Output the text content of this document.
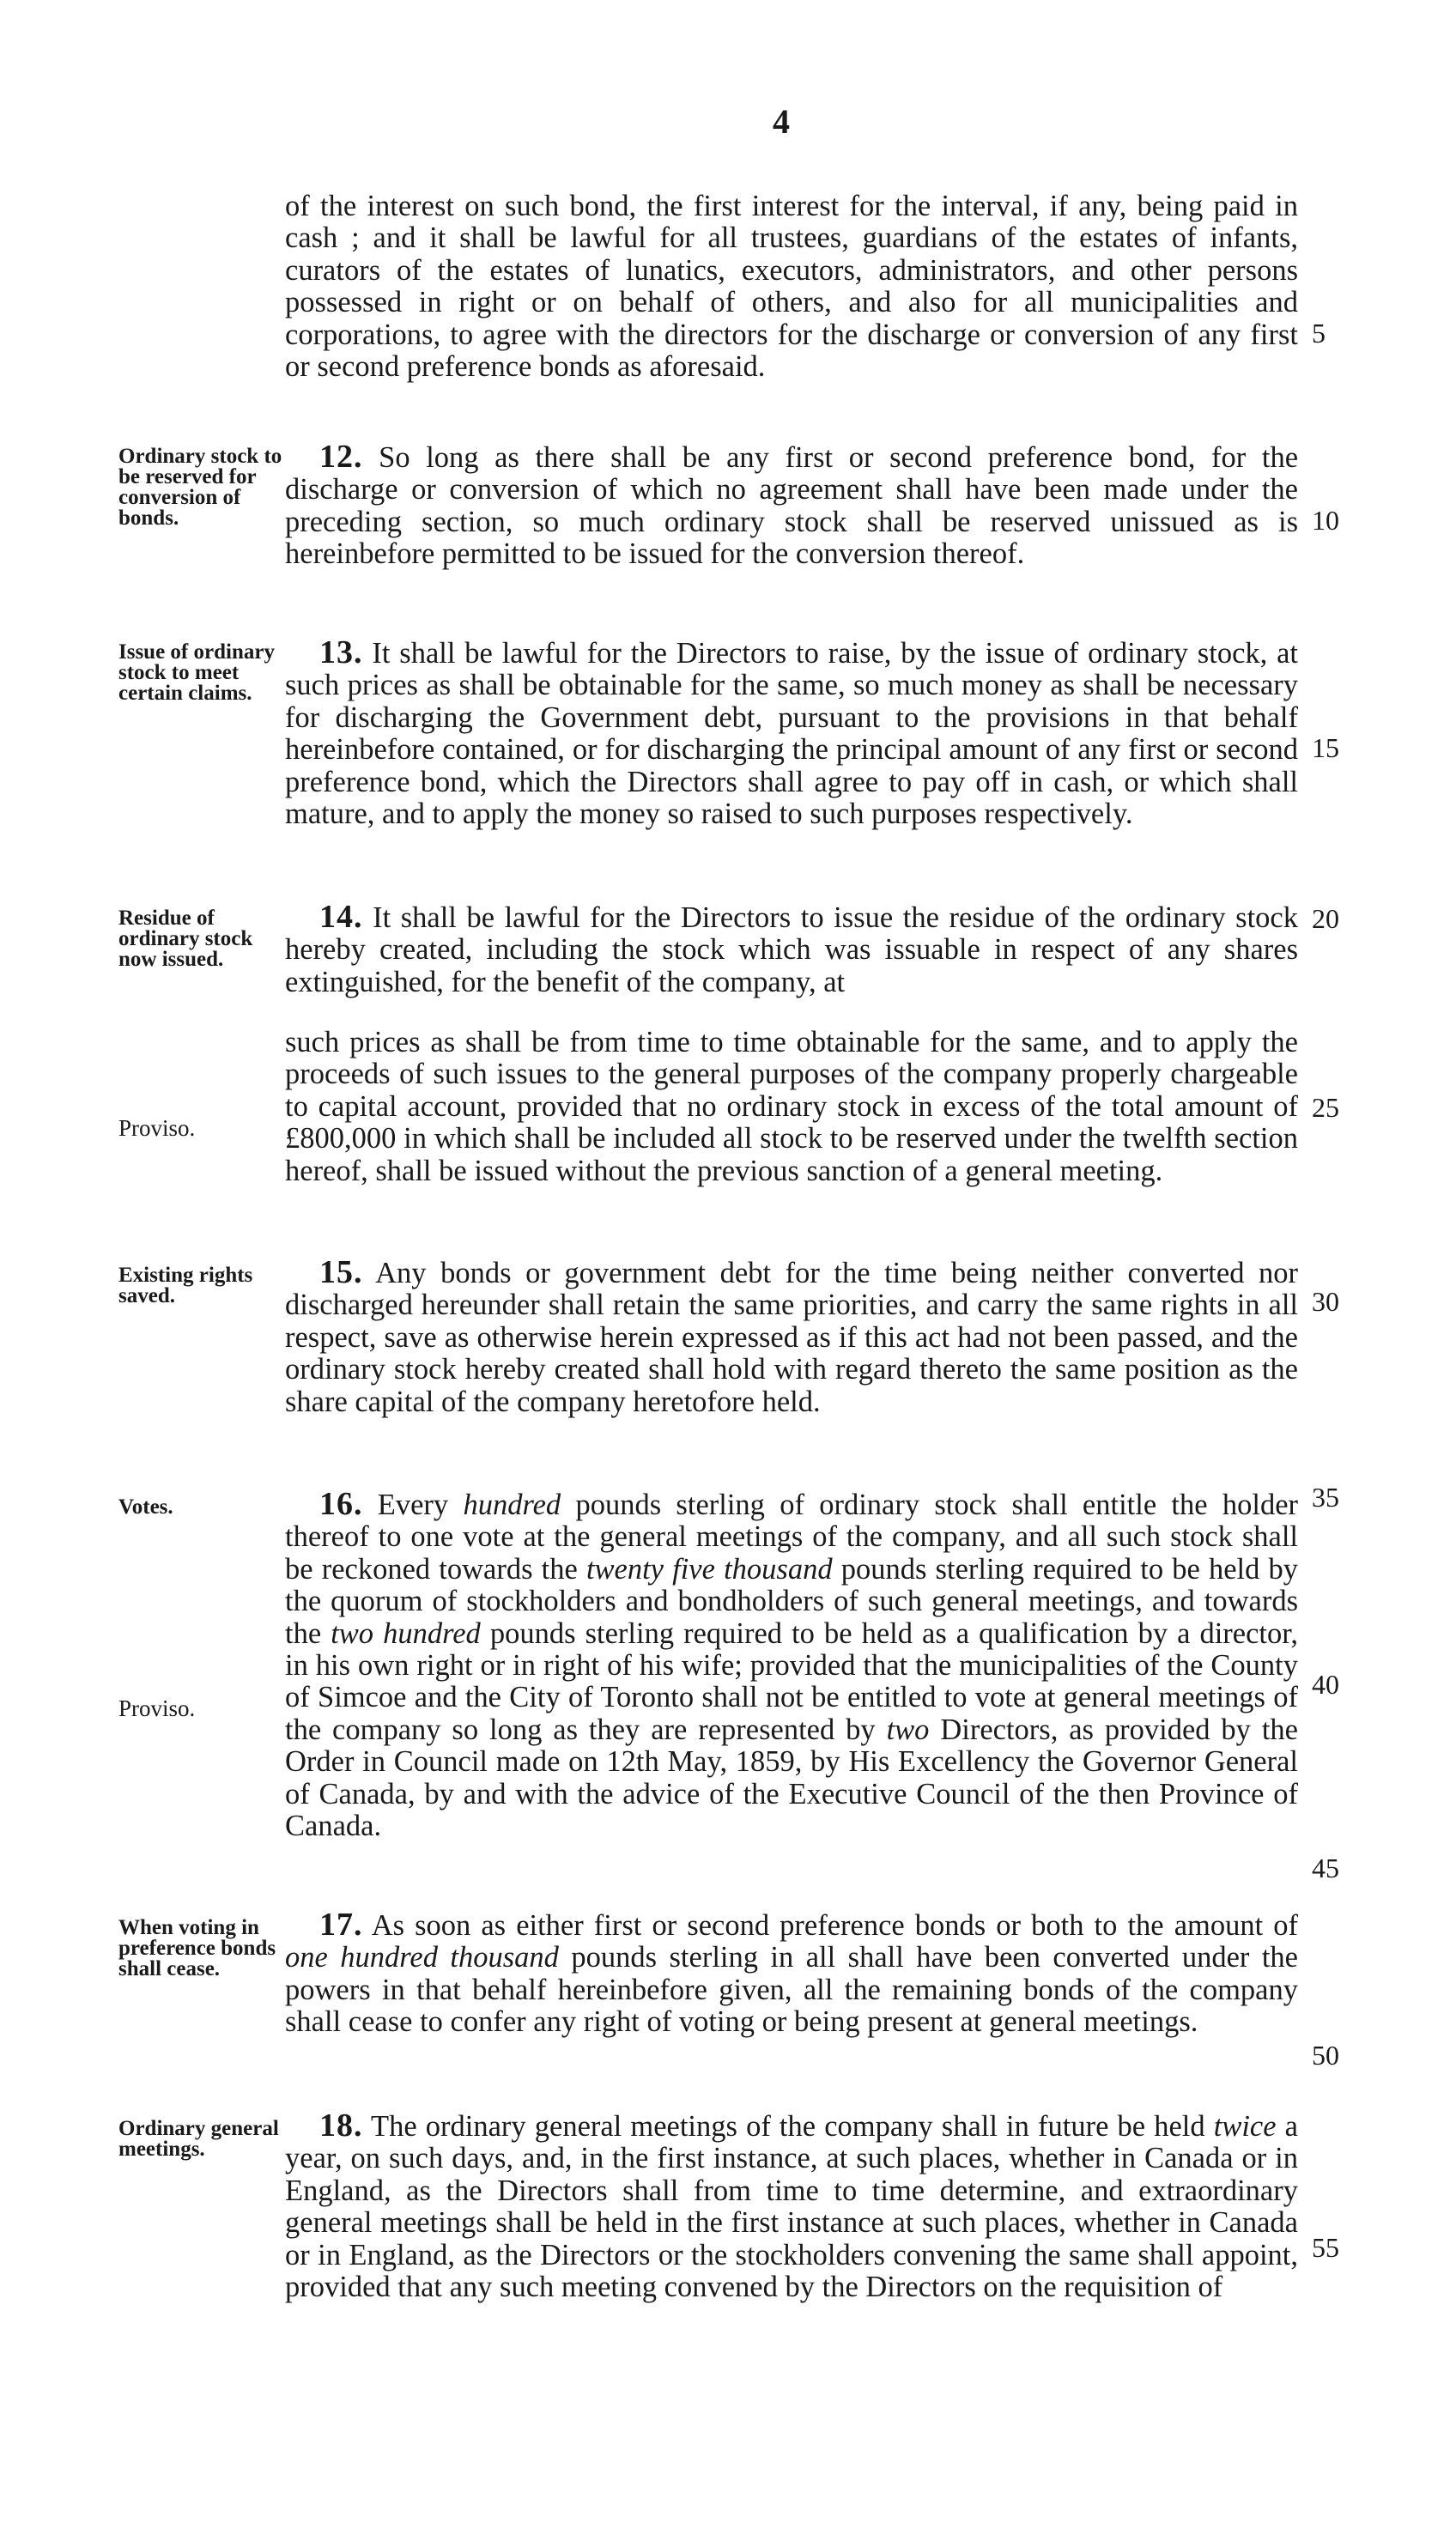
4
of the interest on such bond, the first interest for the interval, if any, being paid in cash ; and it shall be lawful for all trustees, guardians of the estates of infants, curators of the estates of lunatics, executors, administrators, and other persons possessed in right or on behalf of others, and also for all municipalities and corporations, to agree with the directors for the discharge or conversion of any first or second preference bonds as aforesaid.
Ordinary stock to be reserved for conversion of bonds.
12. So long as there shall be any first or second preference bond, for the discharge or conversion of which no agreement shall have been made under the preceding section, so much ordinary stock shall be reserved unissued as is hereinbefore permitted to be issued for the conversion thereof.
Issue of ordinary stock to meet certain claims.
13. It shall be lawful for the Directors to raise, by the issue of ordinary stock, at such prices as shall be obtainable for the same, so much money as shall be necessary for discharging the Government debt, pursuant to the provisions in that behalf hereinbefore contained, or for discharging the principal amount of any first or second preference bond, which the Directors shall agree to pay off in cash, or which shall mature, and to apply the money so raised to such purposes respectively.
Residue of ordinary stock now issued.
14. It shall be lawful for the Directors to issue the residue of the ordinary stock hereby created, including the stock which was issuable in respect of any shares extinguished, for the benefit of the company, at
Proviso.
such prices as shall be from time to time obtainable for the same, and to apply the proceeds of such issues to the general purposes of the company properly chargeable to capital account, provided that no ordinary stock in excess of the total amount of £800,000 in which shall be included all stock to be reserved under the twelfth section hereof, shall be issued without the previous sanction of a general meeting.
Existing rights saved.
15. Any bonds or government debt for the time being neither converted nor discharged hereunder shall retain the same priorities, and carry the same rights in all respect, save as otherwise herein expressed as if this act had not been passed, and the ordinary stock hereby created shall hold with regard thereto the same position as the share capital of the company heretofore held.
Votes.
Proviso.
16. Every hundred pounds sterling of ordinary stock shall entitle the holder thereof to one vote at the general meetings of the company, and all such stock shall be reckoned towards the twenty five thousand pounds sterling required to be held by the quorum of stockholders and bondholders of such general meetings, and towards the two hundred pounds sterling required to be held as a qualification by a director, in his own right or in right of his wife; provided that the municipalities of the County of Simcoe and the City of Toronto shall not be entitled to vote at general meetings of the company so long as they are represented by two Directors, as provided by the Order in Council made on 12th May, 1859, by His Excellency the Governor General of Canada, by and with the advice of the Executive Council of the then Province of Canada.
When voting in preference bonds shall cease.
17. As soon as either first or second preference bonds or both to the amount of one hundred thousand pounds sterling in all shall have been converted under the powers in that behalf hereinbefore given, all the remaining bonds of the company shall cease to confer any right of voting or being present at general meetings.
Ordinary general meetings.
18. The ordinary general meetings of the company shall in future be held twice a year, on such days, and, in the first instance, at such places, whether in Canada or in England, as the Directors shall from time to time determine, and extraordinary general meetings shall be held in the first instance at such places, whether in Canada or in England, as the Directors or the stockholders convening the same shall appoint, provided that any such meeting convened by the Directors on the requisition of
5
10
15
20
25
30
35
40
45
50
55
